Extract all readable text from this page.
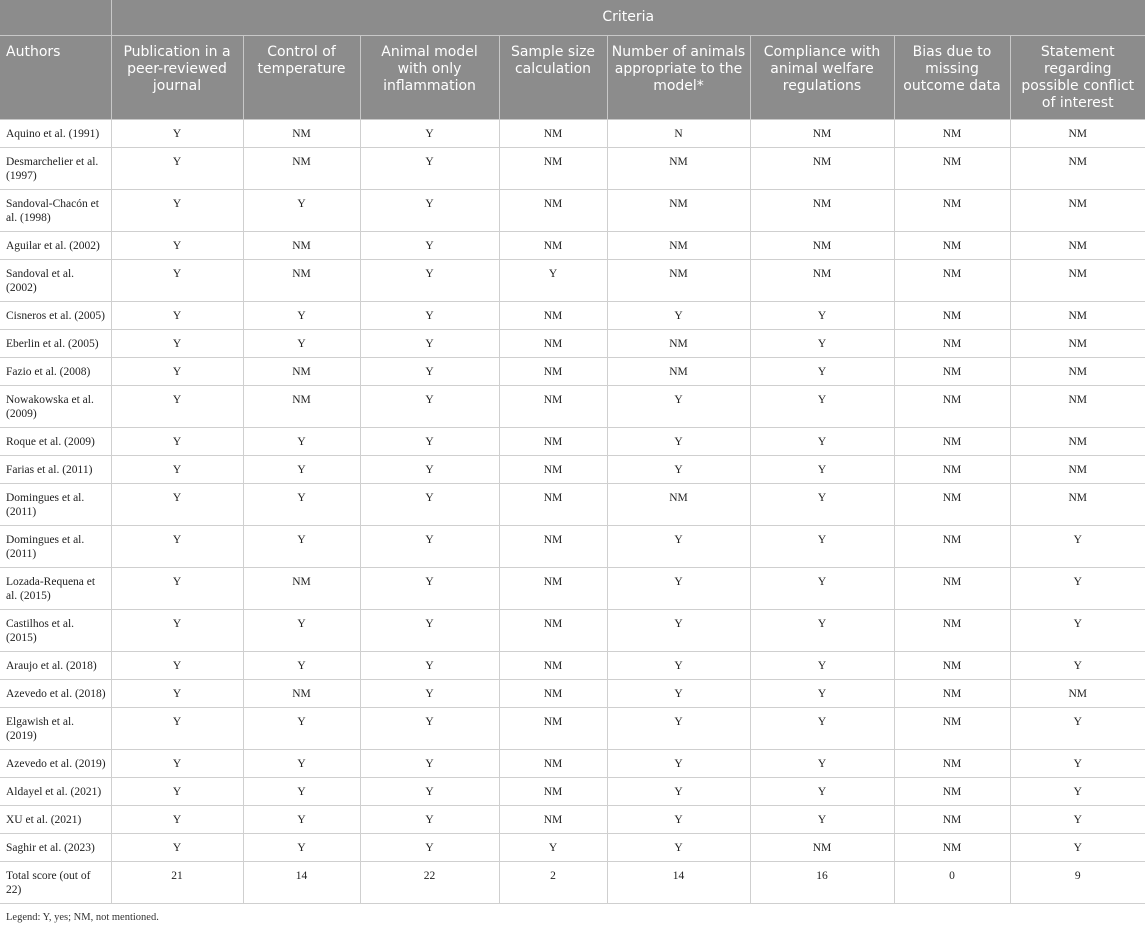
	Criteria							
Authors	Publication in a peer-reviewed journal	Control of temperature	Animal model with only inflammation	Sample size calculation	Number of animals appropriate to the model*	Compliance with animal welfare regulations	Bias due to missing outcome data	Statement regarding possible conflict of interest
Aquino et al. (1991)	Y	NM	Y	NM	N	NM	NM	NM
Desmarchelier et al. (1997)	Y	NM	Y	NM	NM	NM	NM	NM
Sandoval-Chacón et al. (1998)	Y	Y	Y	NM	NM	NM	NM	NM
Aguilar et al. (2002)	Y	NM	Y	NM	NM	NM	NM	NM
Sandoval et al. (2002)	Y	NM	Y	Y	NM	NM	NM	NM
Cisneros et al. (2005)	Y	Y	Y	NM	Y	Y	NM	NM
Eberlin et al. (2005)	Y	Y	Y	NM	NM	Y	NM	NM
Fazio et al. (2008)	Y	NM	Y	NM	NM	Y	NM	NM
Nowakowska et al. (2009)	Y	NM	Y	NM	Y	Y	NM	NM
Roque et al. (2009)	Y	Y	Y	NM	Y	Y	NM	NM
Farias et al. (2011)	Y	Y	Y	NM	Y	Y	NM	NM
Domingues et al. (2011)	Y	Y	Y	NM	NM	Y	NM	NM
Domingues et al. (2011)	Y	Y	Y	NM	Y	Y	NM	Y
Lozada-Requena et al. (2015)	Y	NM	Y	NM	Y	Y	NM	Y
Castilhos et al. (2015)	Y	Y	Y	NM	Y	Y	NM	Y
Araujo et al. (2018)	Y	Y	Y	NM	Y	Y	NM	Y
Azevedo et al. (2018)	Y	NM	Y	NM	Y	Y	NM	NM
Elgawish et al. (2019)	Y	Y	Y	NM	Y	Y	NM	Y
Azevedo et al. (2019)	Y	Y	Y	NM	Y	Y	NM	Y
Aldayel et al. (2021)	Y	Y	Y	NM	Y	Y	NM	Y
XU et al. (2021)	Y	Y	Y	NM	Y	Y	NM	Y
Saghir et al. (2023)	Y	Y	Y	Y	Y	NM	NM	Y
Total score (out of 22)	21	14	22	2	14	16	0	9
Legend: Y, yes; NM, not mentioned.
